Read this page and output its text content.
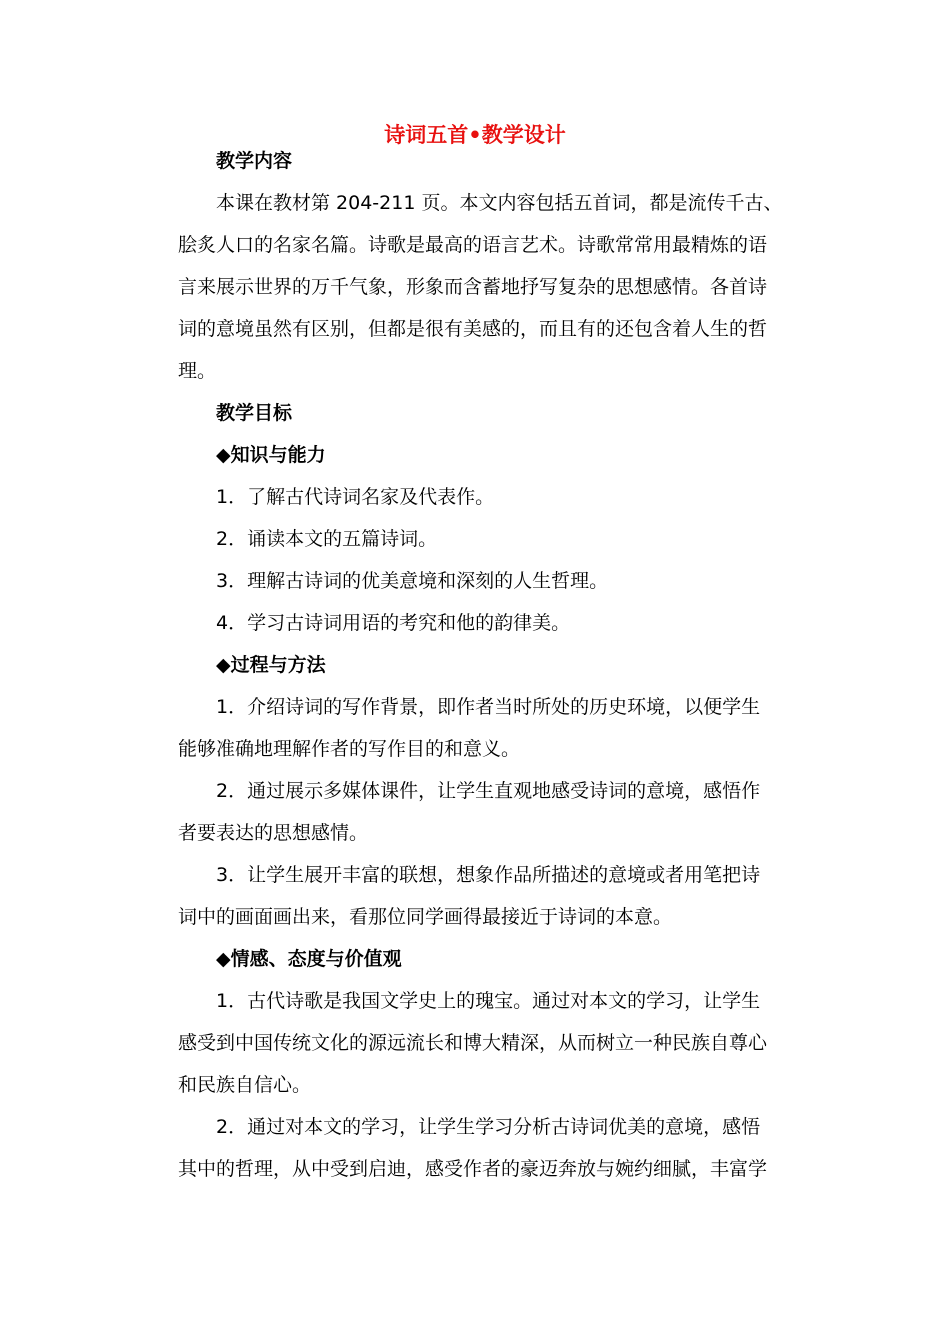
诗词五首•教学设计
教学内容
本课在教材第 204-211 页。本文内容包括五首词，都是流传千古、
脍炙人口的名家名篇。诗歌是最高的语言艺术。诗歌常常用最精炼的语
言来展示世界的万千气象，形象而含蓄地抒写复杂的思想感情。各首诗
词的意境虽然有区别，但都是很有美感的，而且有的还包含着人生的哲
理。
教学目标
◆知识与能力
1．了解古代诗词名家及代表作。
2．诵读本文的五篇诗词。
3．理解古诗词的优美意境和深刻的人生哲理。
4．学习古诗词用语的考究和他的韵律美。
◆过程与方法
1．介绍诗词的写作背景，即作者当时所处的历史环境，以便学生
能够准确地理解作者的写作目的和意义。
2．通过展示多媒体课件，让学生直观地感受诗词的意境，感悟作
者要表达的思想感情。
3．让学生展开丰富的联想，想象作品所描述的意境或者用笔把诗
词中的画面画出来，看那位同学画得最接近于诗词的本意。
◆情感、态度与价值观
1．古代诗歌是我国文学史上的瑰宝。通过对本文的学习，让学生
感受到中国传统文化的源远流长和博大精深，从而树立一种民族自尊心
和民族自信心。
2．通过对本文的学习，让学生学习分析古诗词优美的意境，感悟
其中的哲理，从中受到启迪，感受作者的豪迈奔放与婉约细腻，丰富学
